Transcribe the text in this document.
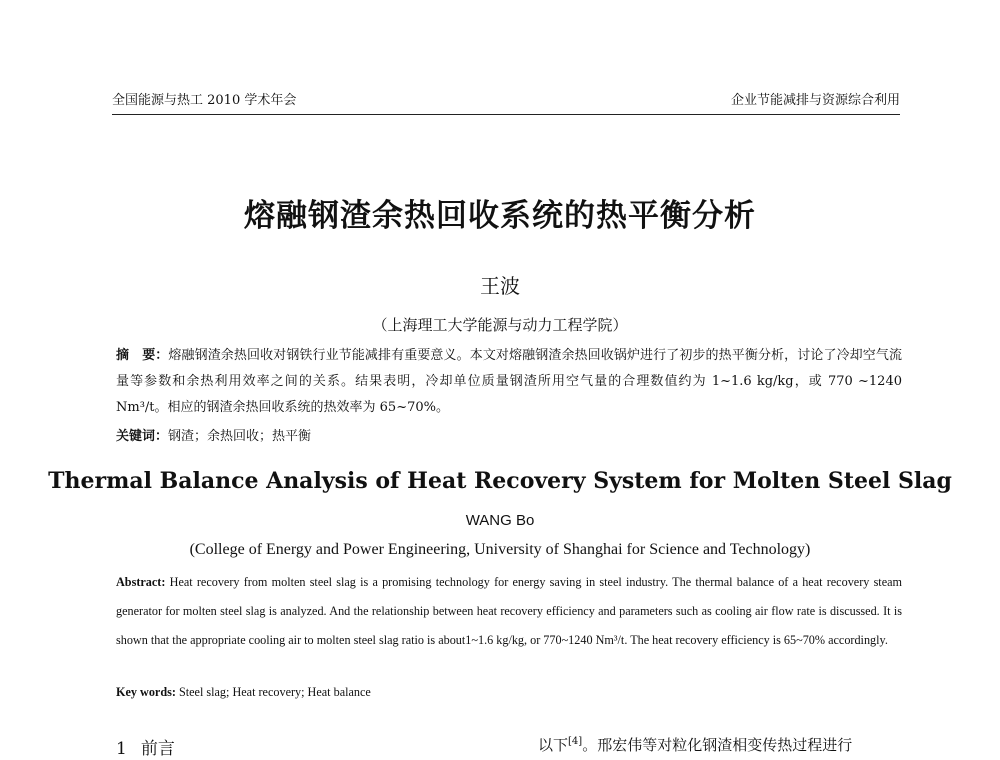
全国能源与热工 2010 学术年会	企业节能减排与资源综合利用
熔融钢渣余热回收系统的热平衡分析
王波
（上海理工大学能源与动力工程学院）
摘　要：熔融钢渣余热回收对钢铁行业节能减排有重要意义。本文对熔融钢渣余热回收锅炉进行了初步的热平衡分析，讨论了冷却空气流量等参数和余热利用效率之间的关系。结果表明，冷却单位质量钢渣所用空气量的合理数值约为 1~1.6 kg/kg，或 770 ~1240 Nm³/t。相应的钢渣余热回收系统的热效率为 65~70%。
关键词：钢渣；余热回收；热平衡
Thermal Balance Analysis of Heat Recovery System for Molten Steel Slag
WANG Bo
(College of Energy and Power Engineering, University of Shanghai for Science and Technology)
Abstract: Heat recovery from molten steel slag is a promising technology for energy saving in steel industry. The thermal balance of a heat recovery steam generator for molten steel slag is analyzed. And the relationship between heat recovery efficiency and parameters such as cooling air flow rate is discussed. It is shown that the appropriate cooling air to molten steel slag ratio is about1~1.6 kg/kg, or 770~1240 Nm³/t. The heat recovery efficiency is 65~70% accordingly.
Key words: Steel slag; Heat recovery; Heat balance
1 前言	以下[4]。邢宏伟等对粒化钢渣相变传热过程进行
